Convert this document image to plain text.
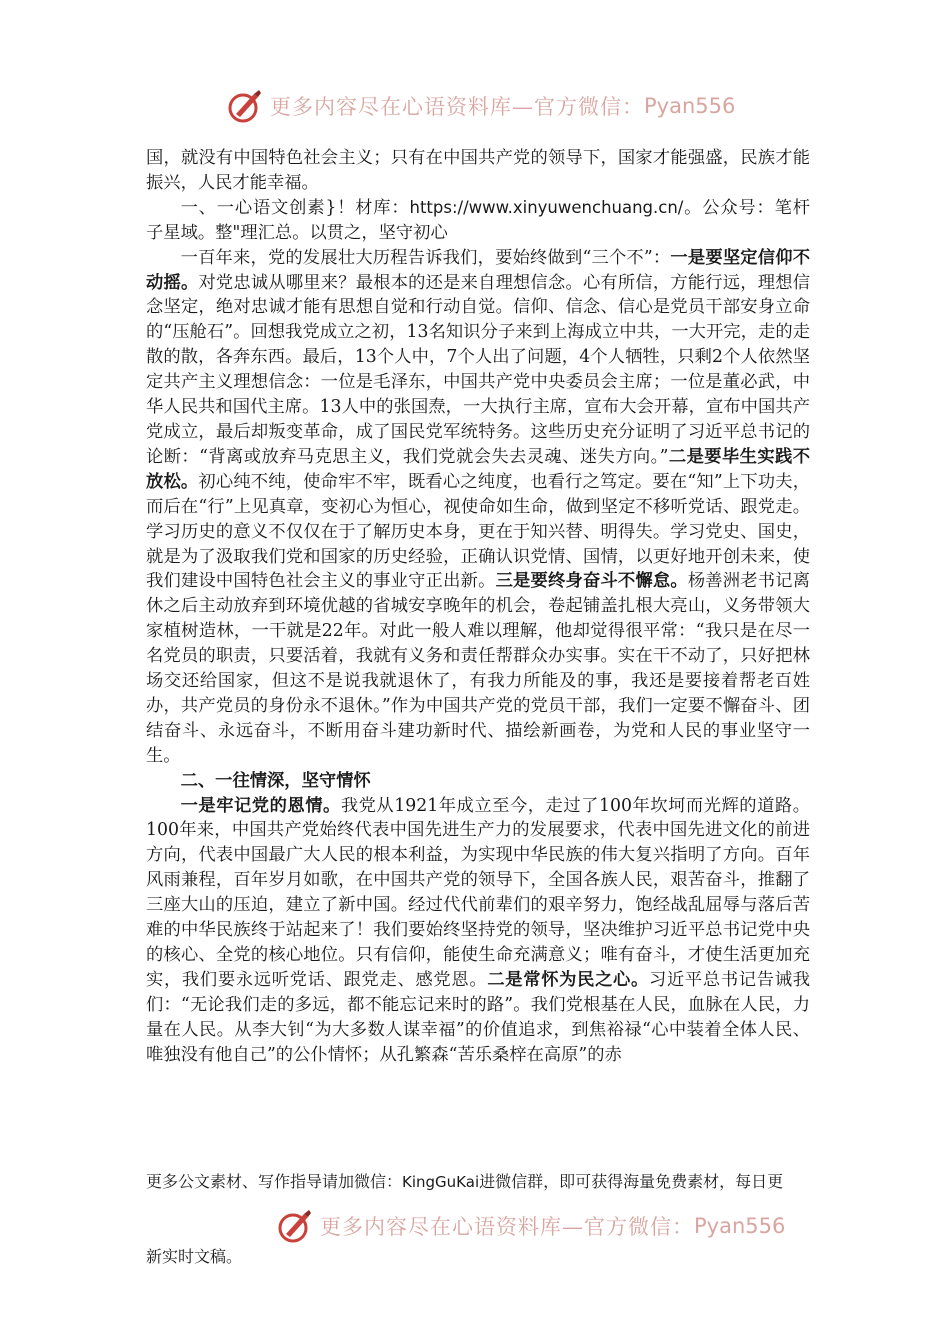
更多内容尽在心语资料库—官方微信： Pyan556

国，就没有中国特色社会主义；只有在中国共产党的领导下，国家才能强盛，民族才能振兴，人民才能幸福。

一、一心语文创素}！材库：https://www.xinyuwenchuang.cn/。公众号：笔杆子星域。整"理汇总。以贯之，坚守初心

一百年来，党的发展壮大历程告诉我们，要始终做到“三个不”：一是要坚定信仰不动摇。对党忠诚从哪里来？最根本的还是来自理想信念。心有所信，方能行远，理想信念坚定，绝对忠诚才能有思想自觉和行动自觉。信仰、信念、信心是党员干部安身立命的“压舱石”。回想我党成立之初，13名知识分子来到上海成立中共，一大开完，走的走散的散，各奔东西。最后，13个人中，7个人出了问题，4个人牺牲，只剩2个人依然坚定共产主义理想信念：一位是毛泽东，中国共产党中央委员会主席；一位是董必武，中华人民共和国代主席。13人中的张国焘，一大执行主席，宣布大会开幕，宣布中国共产党成立，最后却叛变革命，成了国民党军统特务。这些历史充分证明了习近平总书记的论断：“背离或放弃马克思主义，我们党就会失去灵魂、迷失方向。”二是要毕生实践不放松。初心纯不纯，使命牢不牢，既看心之纯度，也看行之笃定。要在“知”上下功夫，而后在“行”上见真章，变初心为恒心，视使命如生命，做到坚定不移听党话、跟党走。学习历史的意义不仅仅在于了解历史本身，更在于知兴替、明得失。学习党史、国史，就是为了汲取我们党和国家的历史经验，正确认识党情、国情，以更好地开创未来，使我们建设中国特色社会主义的事业守正出新。三是要终身奋斗不懈怠。杨善洲老书记离休之后主动放弃到环境优越的省城安享晚年的机会，卷起铺盖扎根大亮山，义务带领大家植树造林，一干就是22年。对此一般人难以理解，他却觉得很平常：“我只是在尽一名党员的职责，只要活着，我就有义务和责任帮群众办实事。实在干不动了，只好把林场交还给国家，但这不是说我就退休了，有我力所能及的事，我还是要接着帮老百姓办，共产党员的身份永不退休。”作为中国共产党的党员干部，我们一定要不懈奋斗、团结奋斗、永远奋斗，不断用奋斗建功新时代、描绘新画卷，为党和人民的事业坚守一生。

二、一往情深，坚守情怀

一是牢记党的恩情。我党从1921年成立至今，走过了100年坎坷而光辉的道路。100年来，中国共产党始终代表中国先进生产力的发展要求，代表中国先进文化的前进方向，代表中国最广大人民的根本利益，为实现中华民族的伟大复兴指明了方向。百年风雨兼程，百年岁月如歌，在中国共产党的领导下，全国各族人民，艰苦奋斗，推翻了三座大山的压迫，建立了新中国。经过代代前辈们的艰辛努力，饱经战乱屈辱与落后苦难的中华民族终于站起来了！我们要始终坚持党的领导，坚决维护习近平总书记党中央的核心、全党的核心地位。只有信仰，能使生命充满意义；唯有奋斗，才使生活更加充实，我们要永远听党话、跟党走、感党恩。二是常怀为民之心。习近平总书记告诫我们：“无论我们走的多远，都不能忘记来时的路”。我们党根基在人民，血脉在人民，力量在人民。从李大钊“为大多数人谋幸福”的价值追求，到焦裕禄“心中装着全体人民、唯独没有他自己”的公仆情怀；从孔繁森“苦乐桑梓在高原”的赤

更多公文素材、写作指导请加微信：KingGuKai进微信群，即可获得海量免费素材，每日更
更多内容尽在心语资料库—官方微信： Pyan556
新实时文稿。
